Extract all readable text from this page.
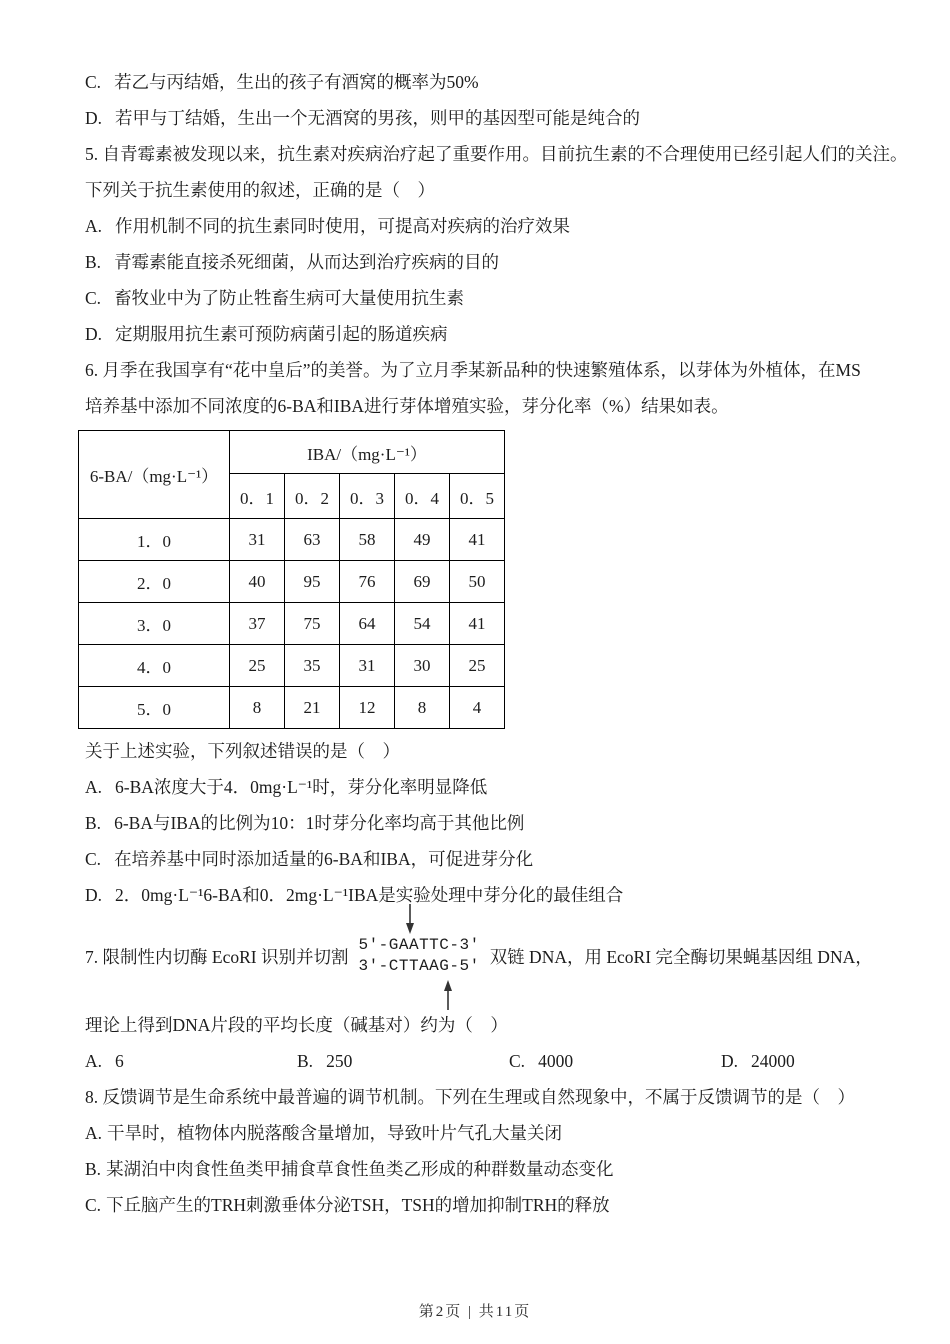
C. 若乙与丙结婚，生出的孩子有酒窝的概率为50%
D. 若甲与丁结婚，生出一个无酒窝的男孩，则甲的基因型可能是纯合的
5. 自青霉素被发现以来，抗生素对疾病治疗起了重要作用。目前抗生素的不合理使用已经引起人们的关注。
下列关于抗生素使用的叙述，正确的是（　）
A. 作用机制不同的抗生素同时使用，可提高对疾病的治疗效果
B. 青霉素能直接杀死细菌，从而达到治疗疾病的目的
C. 畜牧业中为了防止牲畜生病可大量使用抗生素
D. 定期服用抗生素可预防病菌引起的肠道疾病
6. 月季在我国享有“花中皇后”的美誉。为了立月季某新品种的快速繁殖体系，以芽体为外植体，在MS
培养基中添加不同浓度的6-BA和IBA进行芽体增殖实验，芽分化率（%）结果如表。
6-BA/（mg·L⁻¹）	IBA/（mg·L⁻¹）				
	0．1	0．2	0．3	0．4	0．5
1．0	31	63	58	49	41
2．0	40	95	76	69	50
3．0	37	75	64	54	41
4．0	25	35	31	30	25
5．0	8	21	12	8	4
关于上述实验，下列叙述错误的是（　）
A. 6-BA浓度大于4．0mg·L⁻¹时，芽分化率明显降低
B. 6-BA与IBA的比例为10：1时芽分化率均高于其他比例
C. 在培养基中同时添加适量的6-BA和IBA，可促进芽分化
D. 2．0mg·L⁻¹6-BA和0．2mg·L⁻¹IBA是实验处理中芽分化的最佳组合
7. 限制性内切酶 EcoRI 识别并切割
5′-GAATTC-3′
3′-CTTAAG-5′ 双链 DNA，用 EcoRI 完全酶切果蝇基因组 DNA，
理论上得到DNA片段的平均长度（碱基对）约为（　）
A. 6	B. 250	C. 4000	D. 24000
8. 反馈调节是生命系统中最普遍的调节机制。下列在生理或自然现象中，不属于反馈调节的是（　）
A. 干旱时，植物体内脱落酸含量增加，导致叶片气孔大量关闭
B. 某湖泊中肉食性鱼类甲捕食草食性鱼类乙形成的种群数量动态变化
C. 下丘脑产生的TRH刺激垂体分泌TSH，TSH的增加抑制TRH的释放
第2页 | 共11页
